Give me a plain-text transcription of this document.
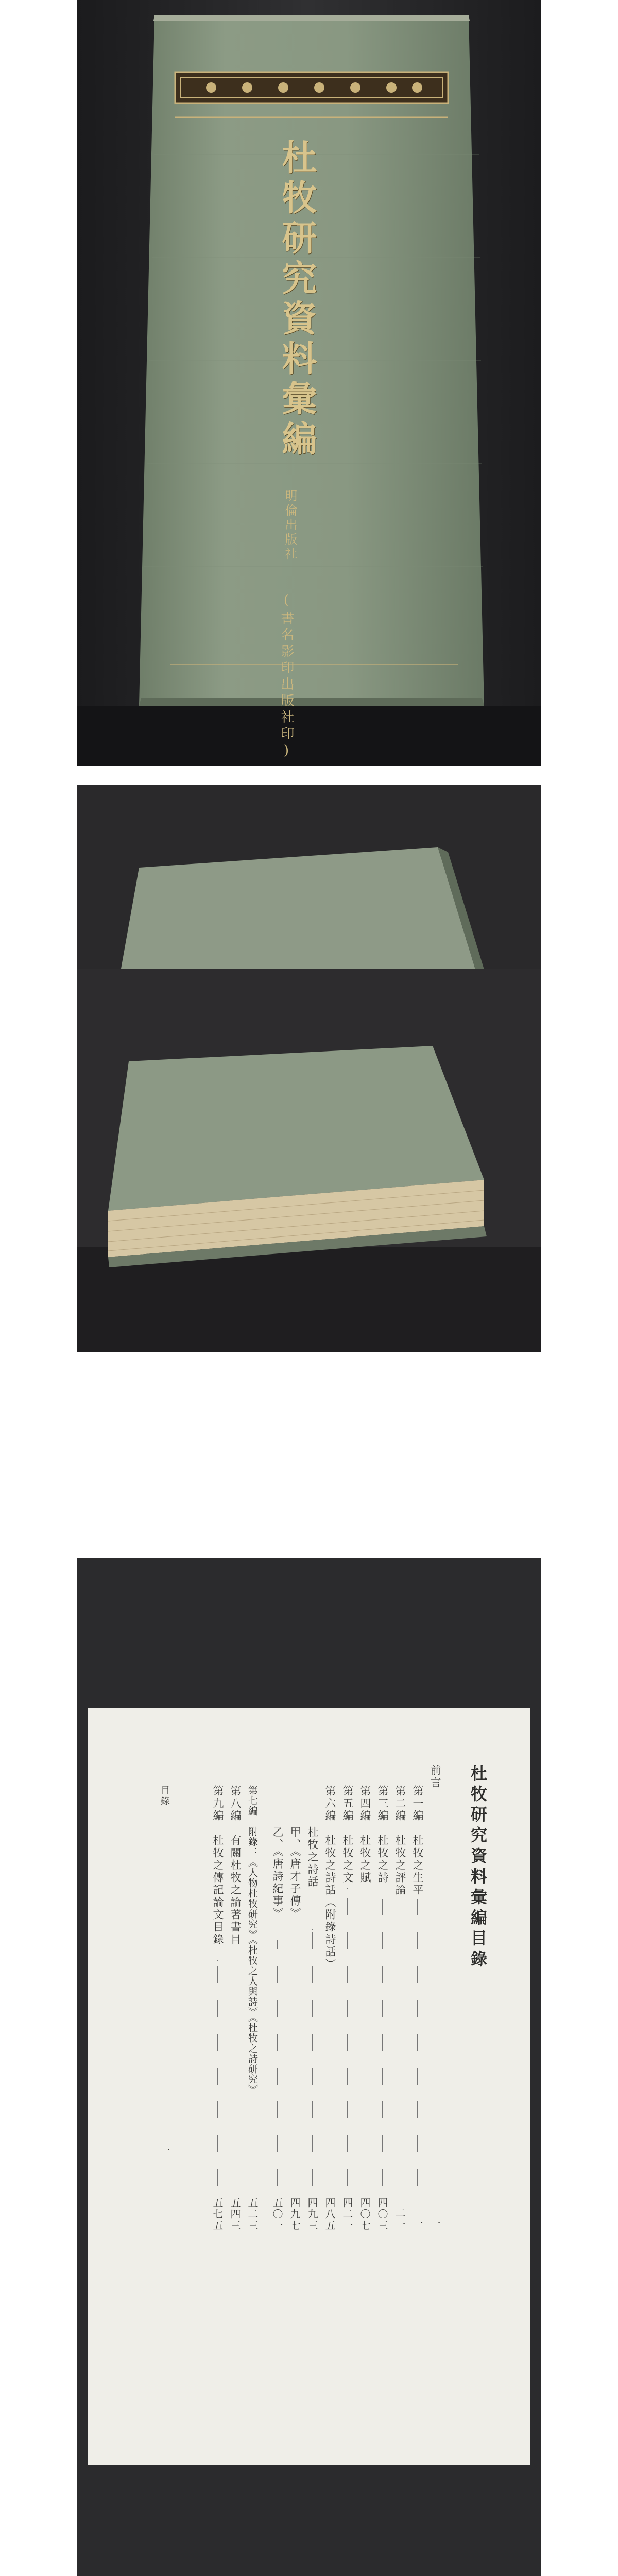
杜牧研究資料彙編
明倫出版社
(書名影印出版社印)
杜牧研究資料彙編目錄
前言
一
第一編　杜牧之生平
一
第二編　杜牧之評論
二一
第三編　杜牧之詩
四〇三
第四編　杜牧之賦
四〇七
第五編　杜牧之文
四二一
第六編　杜牧之詩話（附錄詩話）
四八五
杜牧之詩話
四九三
甲、《唐才子傳》
四九七
乙、《唐詩紀事》
五〇一
第七編　附錄：《人物杜牧研究》《杜牧之人與詩》《杜牧之詩研究》
五二三
第八編　有關杜牧之論著書目
五四三
第九編　杜牧之傳記論文目錄
五七五
目錄
一
